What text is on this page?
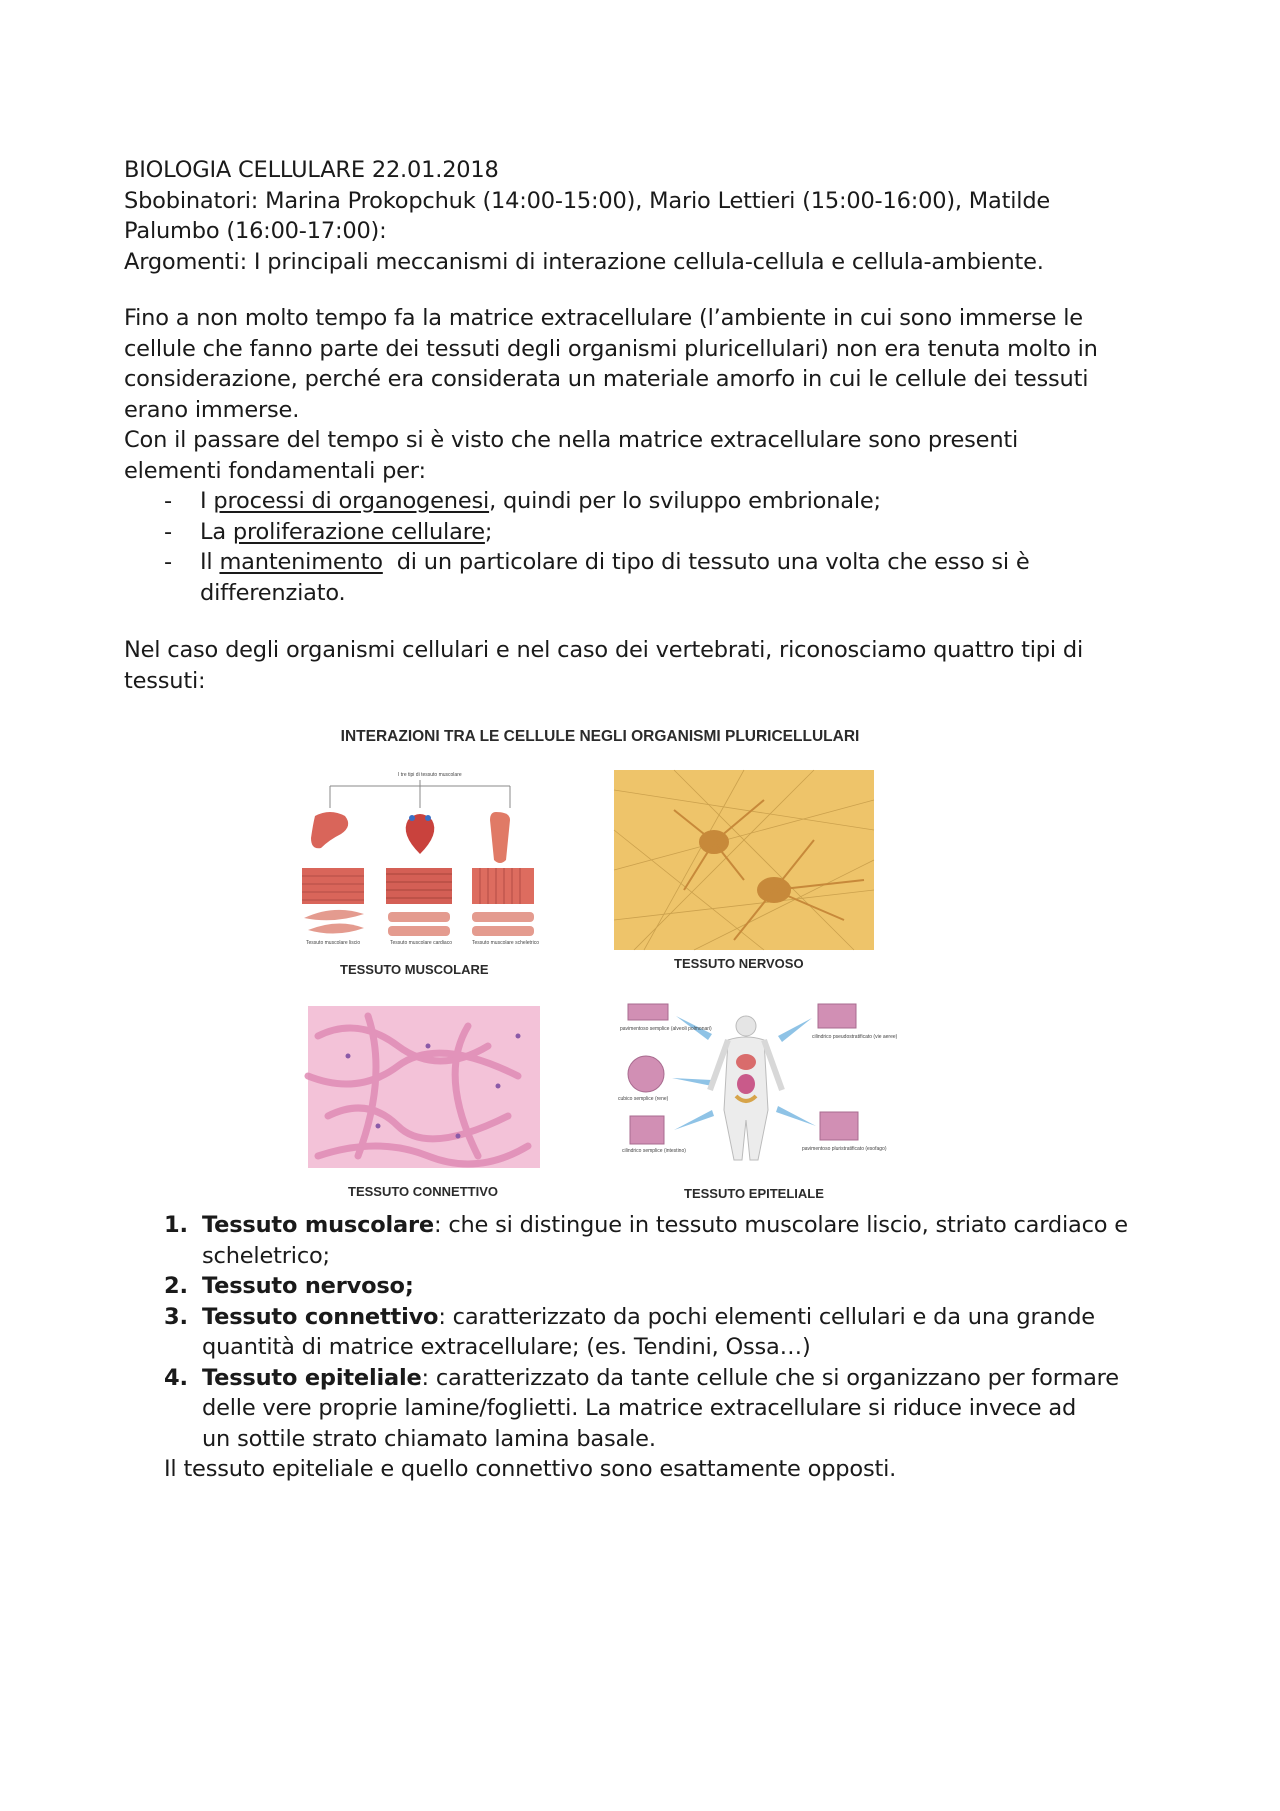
BIOLOGIA CELLULARE 22.01.2018
Sbobinatori: Marina Prokopchuk (14:00-15:00), Mario Lettieri (15:00-16:00), Matilde
Palumbo (16:00-17:00):
Argomenti: I principali meccanismi di interazione cellula-cellula e cellula-ambiente.
Fino a non molto tempo fa la matrice extracellulare (l’ambiente in cui sono immerse le
cellule che fanno parte dei tessuti degli organismi pluricellulari) non era tenuta molto in
considerazione, perché era considerata un materiale amorfo in cui le cellule dei tessuti
erano immerse.
Con il passare del tempo si è visto che nella matrice extracellulare sono presenti
elementi fondamentali per:
- I processi di organogenesi, quindi per lo sviluppo embrionale;
- La proliferazione cellulare;
- Il mantenimento  di un particolare di tipo di tessuto una volta che esso si è
differenziato.
Nel caso degli organismi cellulari e nel caso dei vertebrati, riconosciamo quattro tipi di
tessuti:
INTERAZIONI TRA LE CELLULE NEGLI ORGANISMI PLURICELLULARI
I tre tipi di tessuto muscolare
Tessuto muscolare liscio	Tessuto muscolare cardiaco	Tessuto muscolare scheletrico
TESSUTO MUSCOLARE	TESSUTO NERVOSO
TESSUTO CONNETTIVO
pavimentoso semplice (alveoli polmonari)
cilindrico pseudostratificato (vie aeree)
cubico semplice (rene)
cilindrico semplice (intestino)	pavimentoso pluristratificato (esofago)
TESSUTO EPITELIALE
1. Tessuto muscolare: che si distingue in tessuto muscolare liscio, striato cardiaco e
scheletrico;
2. Tessuto nervoso;
3. Tessuto connettivo: caratterizzato da pochi elementi cellulari e da una grande
quantità di matrice extracellulare; (es. Tendini, Ossa…)
4. Tessuto epiteliale: caratterizzato da tante cellule che si organizzano per formare
delle vere proprie lamine/foglietti. La matrice extracellulare si riduce invece ad
un sottile strato chiamato lamina basale.
Il tessuto epiteliale e quello connettivo sono esattamente opposti.
